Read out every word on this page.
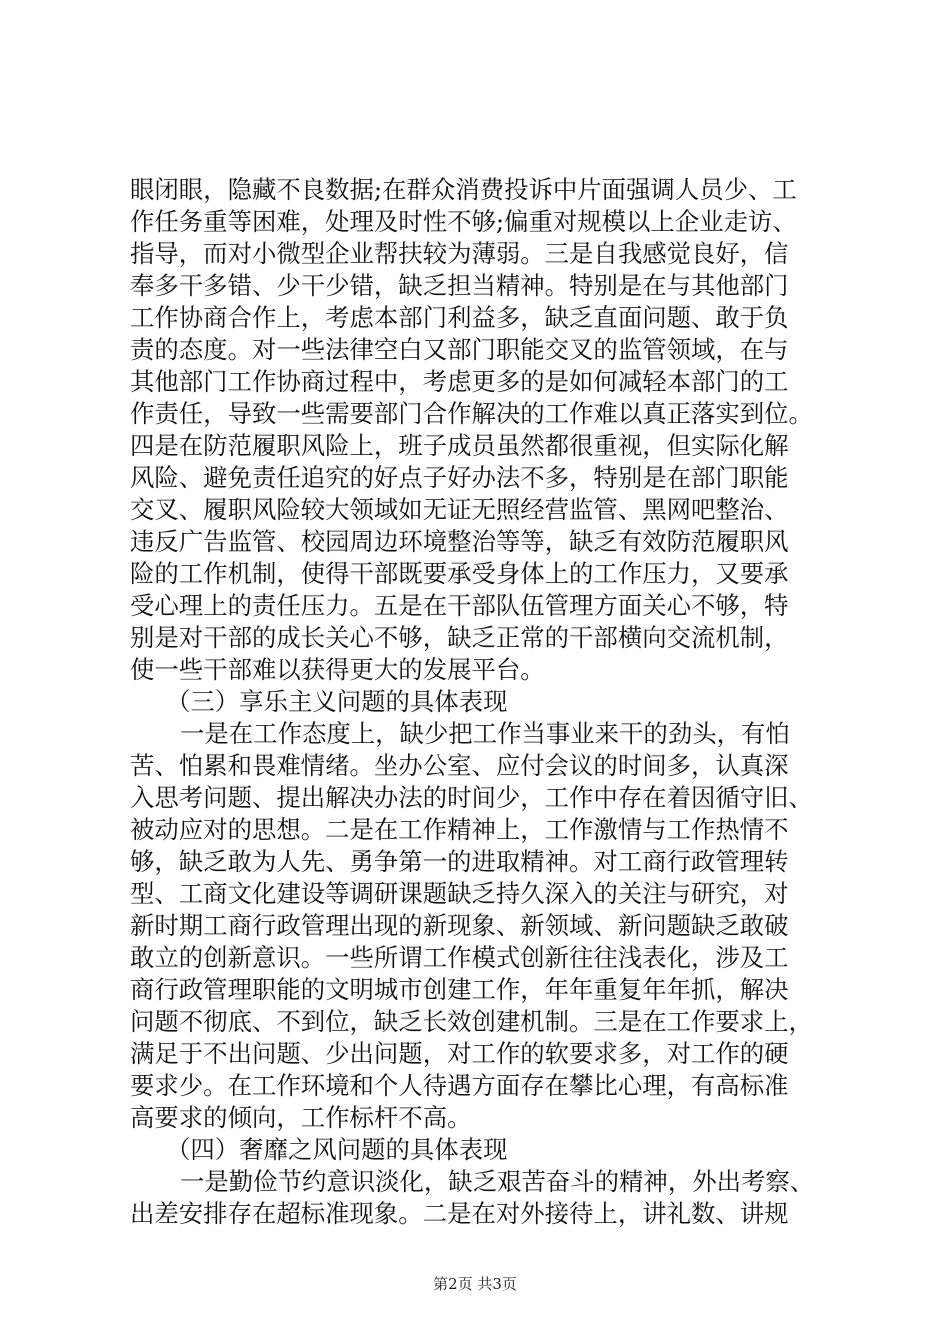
眼闭眼，隐藏不良数据;在群众消费投诉中片面强调人员少、工
作任务重等困难，处理及时性不够;偏重对规模以上企业走访、
指导，而对小微型企业帮扶较为薄弱。三是自我感觉良好，信
奉多干多错、少干少错，缺乏担当精神。特别是在与其他部门
工作协商合作上，考虑本部门利益多，缺乏直面问题、敢于负
责的态度。对一些法律空白又部门职能交叉的监管领域，在与
其他部门工作协商过程中，考虑更多的是如何减轻本部门的工
作责任，导致一些需要部门合作解决的工作难以真正落实到位。
四是在防范履职风险上，班子成员虽然都很重视，但实际化解
风险、避免责任追究的好点子好办法不多，特别是在部门职能
交叉、履职风险较大领域如无证无照经营监管、黑网吧整治、
违反广告监管、校园周边环境整治等等，缺乏有效防范履职风
险的工作机制，使得干部既要承受身体上的工作压力，又要承
受心理上的责任压力。五是在干部队伍管理方面关心不够，特
别是对干部的成长关心不够，缺乏正常的干部横向交流机制，
使一些干部难以获得更大的发展平台。
（三）享乐主义问题的具体表现
一是在工作态度上，缺少把工作当事业来干的劲头，有怕
苦、怕累和畏难情绪。坐办公室、应付会议的时间多，认真深
入思考问题、提出解决办法的时间少，工作中存在着因循守旧、
被动应对的思想。二是在工作精神上，工作激情与工作热情不
够，缺乏敢为人先、勇争第一的进取精神。对工商行政管理转
型、工商文化建设等调研课题缺乏持久深入的关注与研究，对
新时期工商行政管理出现的新现象、新领域、新问题缺乏敢破
敢立的创新意识。一些所谓工作模式创新往往浅表化，涉及工
商行政管理职能的文明城市创建工作，年年重复年年抓，解决
问题不彻底、不到位，缺乏长效创建机制。三是在工作要求上，
满足于不出问题、少出问题，对工作的软要求多，对工作的硬
要求少。在工作环境和个人待遇方面存在攀比心理，有高标准
高要求的倾向，工作标杆不高。
（四）奢靡之风问题的具体表现
一是勤俭节约意识淡化，缺乏艰苦奋斗的精神，外出考察、
出差安排存在超标准现象。二是在对外接待上，讲礼数、讲规
第2页 共3页
